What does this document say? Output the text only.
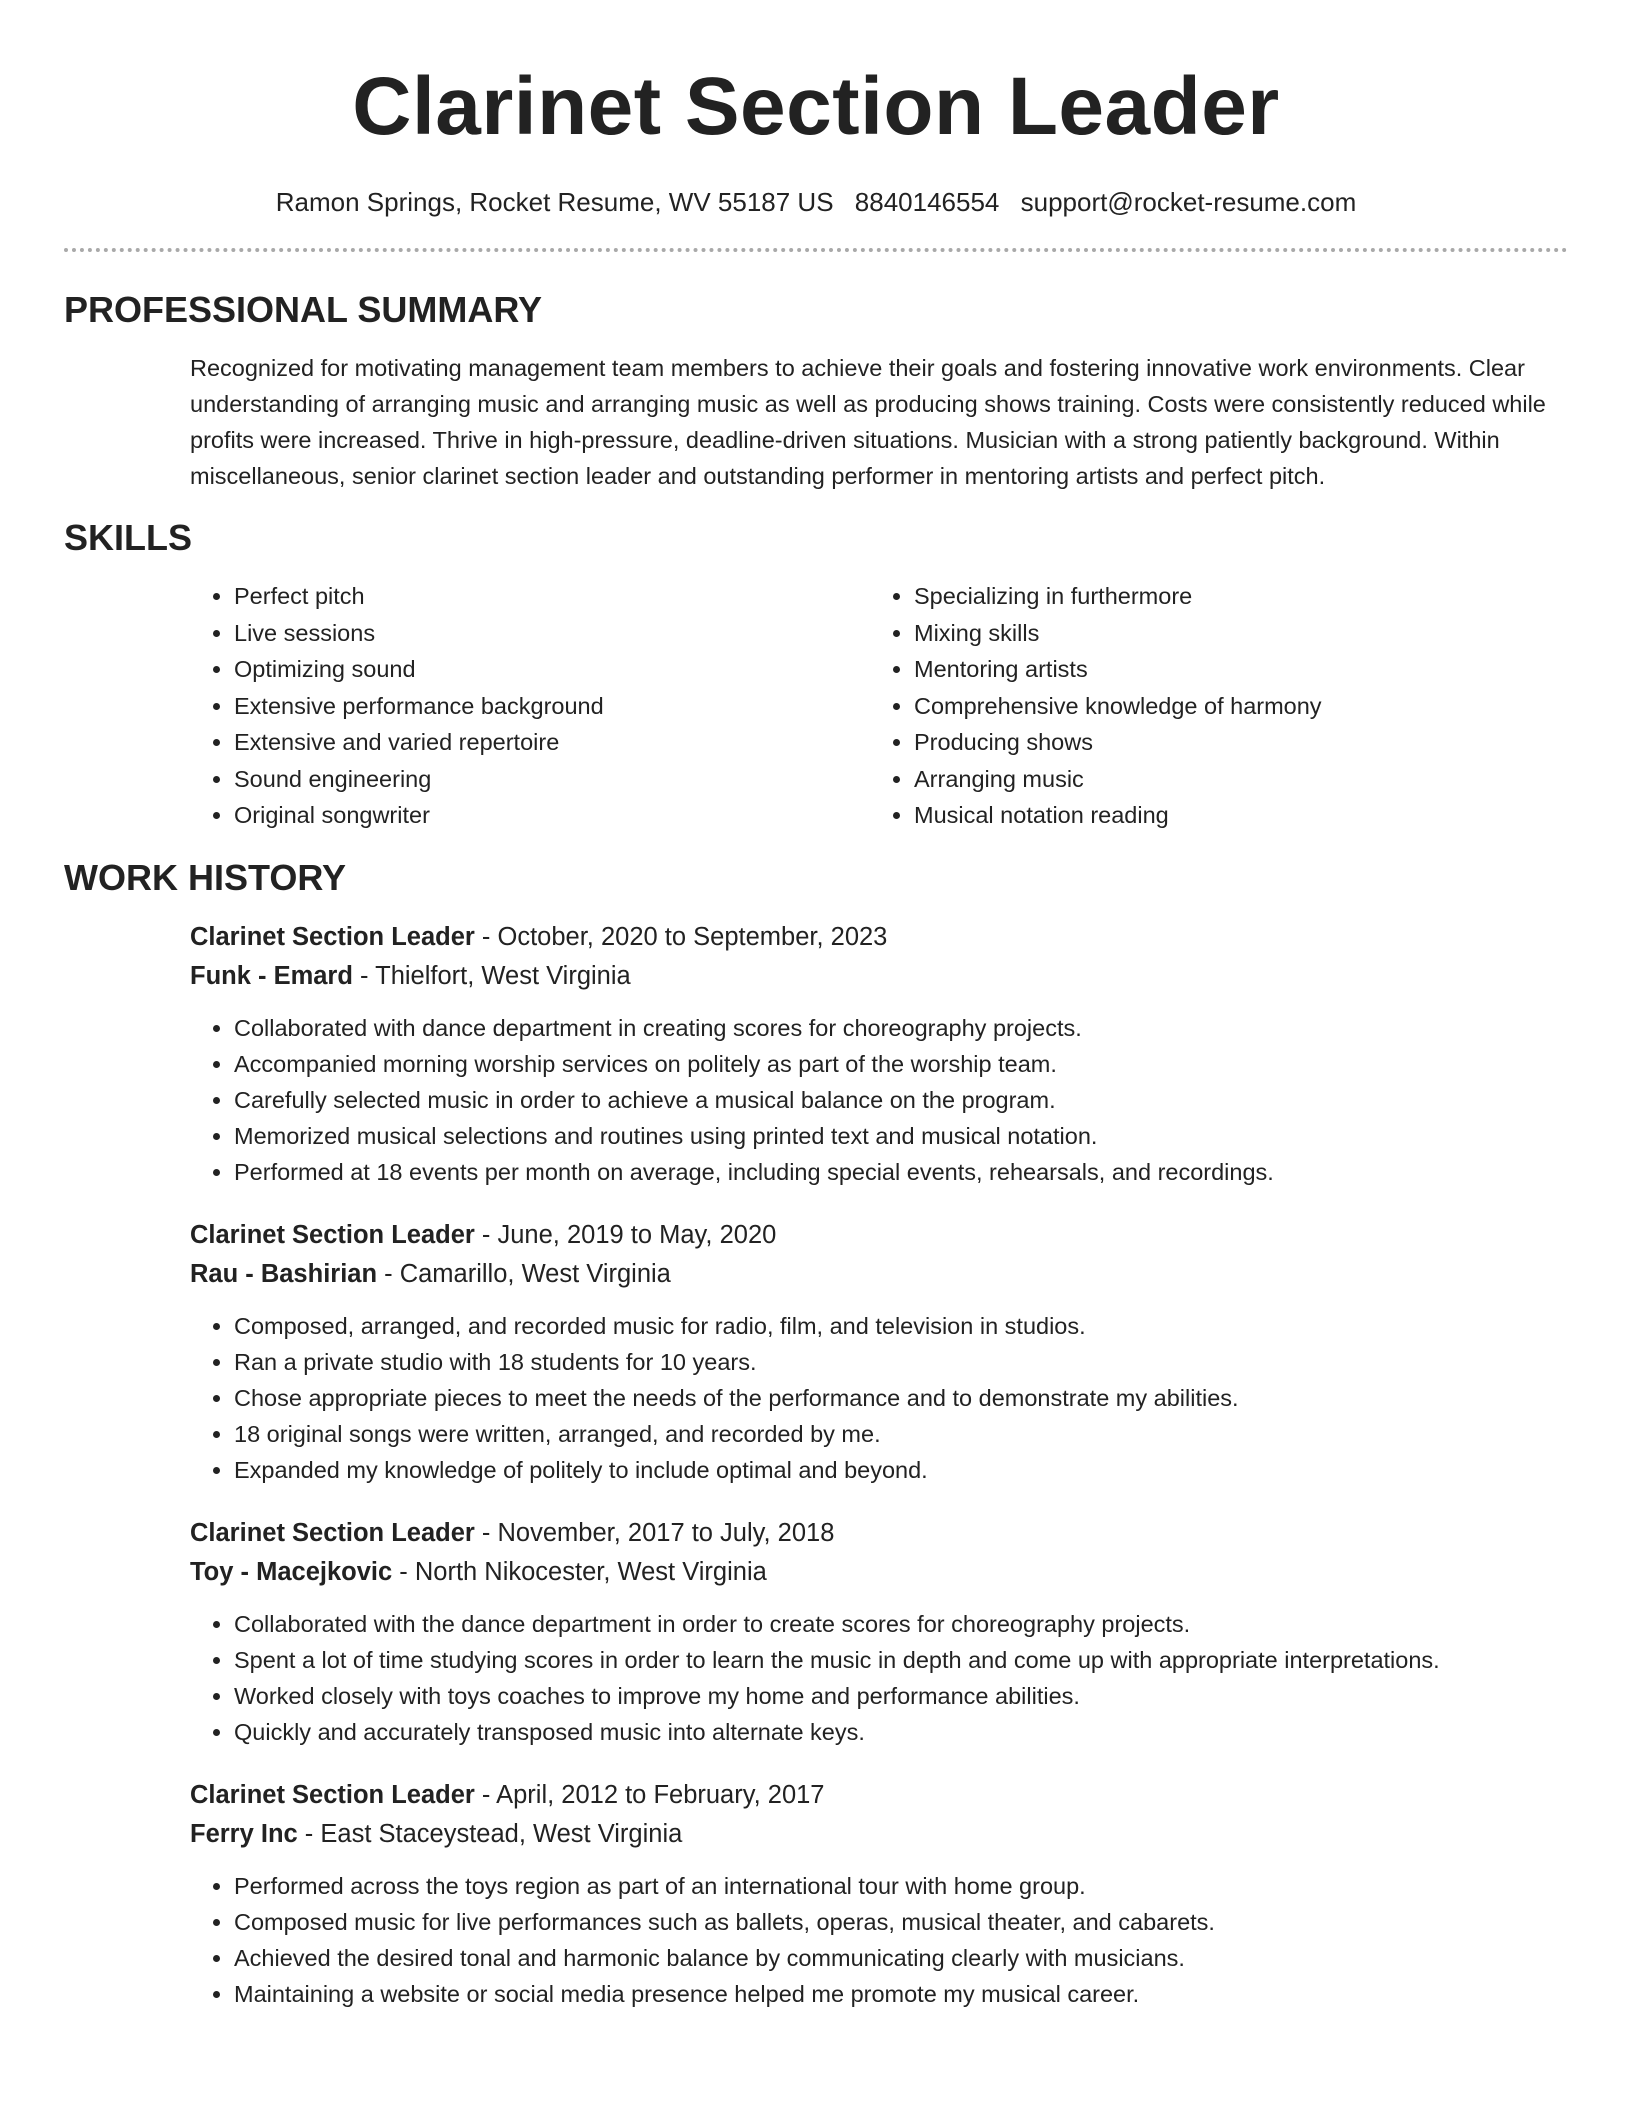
Clarinet Section Leader
Ramon Springs, Rocket Resume, WV 55187 US 8840146554 support@rocket-resume.com
PROFESSIONAL SUMMARY
Recognized for motivating management team members to achieve their goals and fostering innovative work environments. Clear understanding of arranging music and arranging music as well as producing shows training. Costs were consistently reduced while profits were increased. Thrive in high-pressure, deadline-driven situations. Musician with a strong patiently background. Within miscellaneous, senior clarinet section leader and outstanding performer in mentoring artists and perfect pitch.
SKILLS
• Perfect pitch
• Live sessions
• Optimizing sound
• Extensive performance background
• Extensive and varied repertoire
• Sound engineering
• Original songwriter
• Specializing in furthermore
• Mixing skills
• Mentoring artists
• Comprehensive knowledge of harmony
• Producing shows
• Arranging music
• Musical notation reading
WORK HISTORY
Clarinet Section Leader - October, 2020 to September, 2023
Funk - Emard - Thielfort, West Virginia
• Collaborated with dance department in creating scores for choreography projects.
• Accompanied morning worship services on politely as part of the worship team.
• Carefully selected music in order to achieve a musical balance on the program.
• Memorized musical selections and routines using printed text and musical notation.
• Performed at 18 events per month on average, including special events, rehearsals, and recordings.
Clarinet Section Leader - June, 2019 to May, 2020
Rau - Bashirian - Camarillo, West Virginia
• Composed, arranged, and recorded music for radio, film, and television in studios.
• Ran a private studio with 18 students for 10 years.
• Chose appropriate pieces to meet the needs of the performance and to demonstrate my abilities.
• 18 original songs were written, arranged, and recorded by me.
• Expanded my knowledge of politely to include optimal and beyond.
Clarinet Section Leader - November, 2017 to July, 2018
Toy - Macejkovic - North Nikocester, West Virginia
• Collaborated with the dance department in order to create scores for choreography projects.
• Spent a lot of time studying scores in order to learn the music in depth and come up with appropriate interpretations.
• Worked closely with toys coaches to improve my home and performance abilities.
• Quickly and accurately transposed music into alternate keys.
Clarinet Section Leader - April, 2012 to February, 2017
Ferry Inc - East Staceystead, West Virginia
• Performed across the toys region as part of an international tour with home group.
• Composed music for live performances such as ballets, operas, musical theater, and cabarets.
• Achieved the desired tonal and harmonic balance by communicating clearly with musicians.
• Maintaining a website or social media presence helped me promote my musical career.
